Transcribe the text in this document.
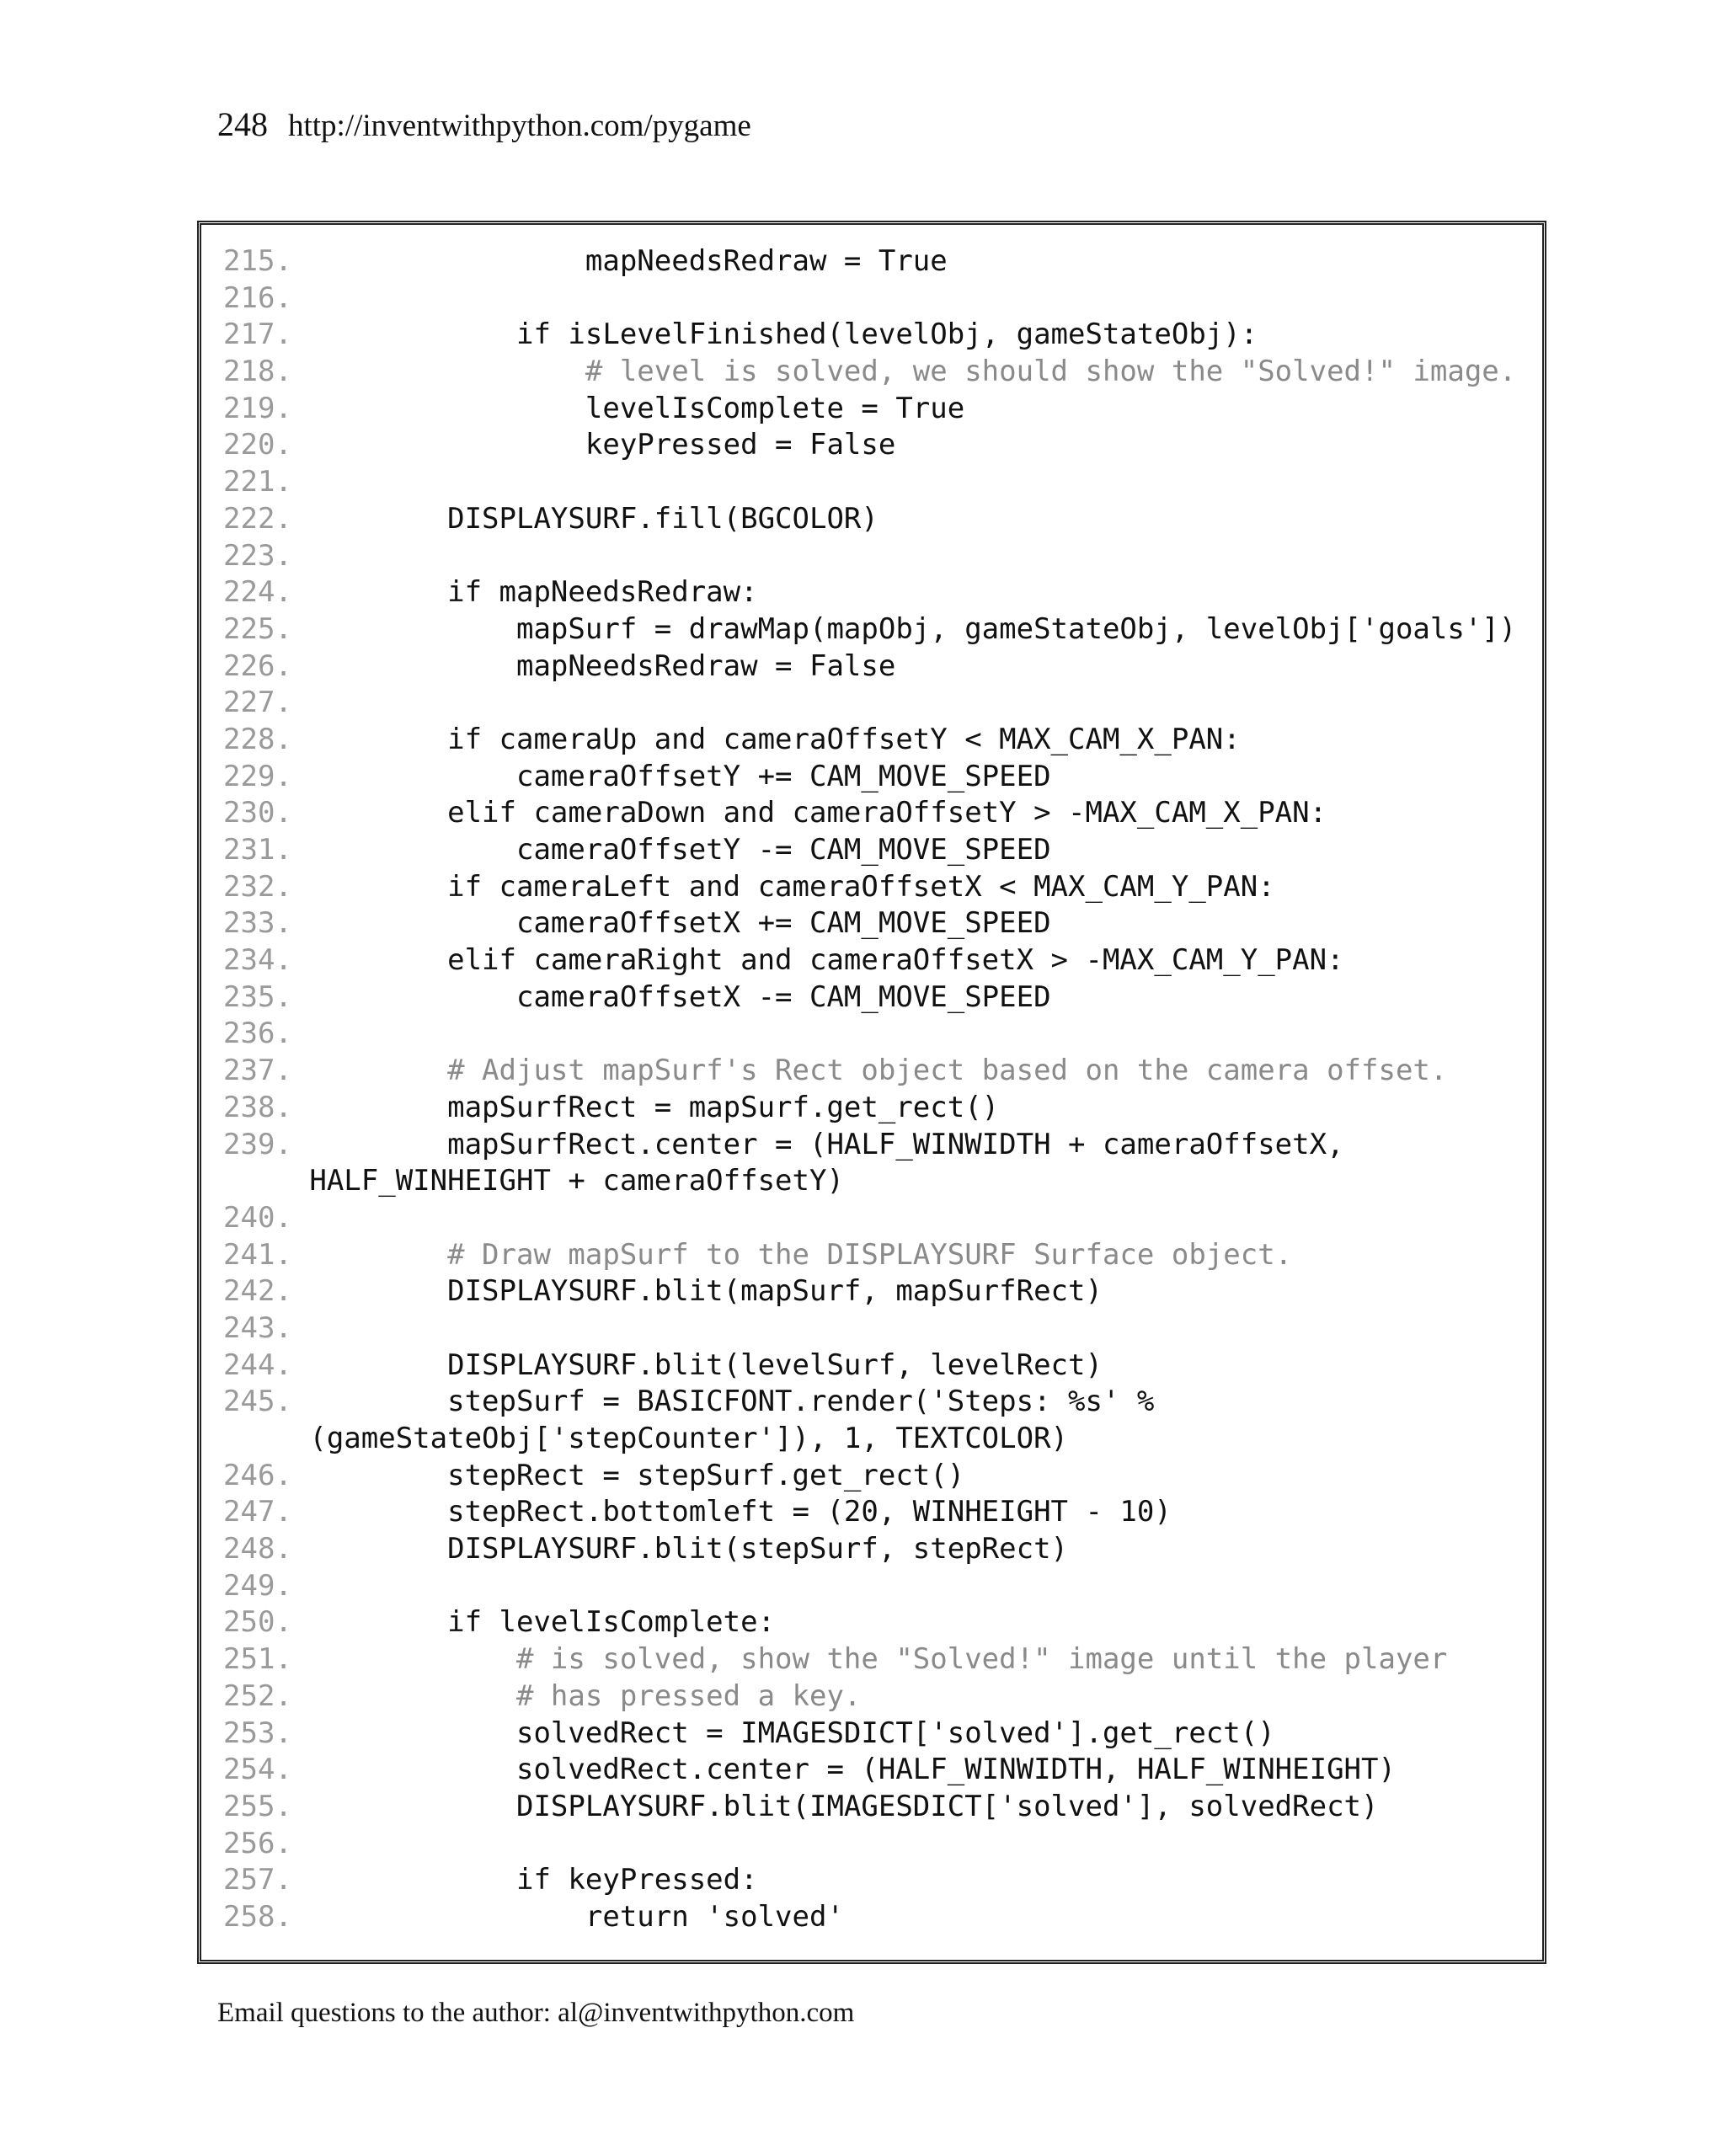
248 http://inventwithpython.com/pygame
215.                 mapNeedsRedraw = True
216.
217.             if isLevelFinished(levelObj, gameStateObj):
218.                 # level is solved, we should show the "Solved!" image.
219.                 levelIsComplete = True
220.                 keyPressed = False
221.
222.         DISPLAYSURF.fill(BGCOLOR)
223.
224.         if mapNeedsRedraw:
225.             mapSurf = drawMap(mapObj, gameStateObj, levelObj['goals'])
226.             mapNeedsRedraw = False
227.
228.         if cameraUp and cameraOffsetY < MAX_CAM_X_PAN:
229.             cameraOffsetY += CAM_MOVE_SPEED
230.         elif cameraDown and cameraOffsetY > -MAX_CAM_X_PAN:
231.             cameraOffsetY -= CAM_MOVE_SPEED
232.         if cameraLeft and cameraOffsetX < MAX_CAM_Y_PAN:
233.             cameraOffsetX += CAM_MOVE_SPEED
234.         elif cameraRight and cameraOffsetX > -MAX_CAM_Y_PAN:
235.             cameraOffsetX -= CAM_MOVE_SPEED
236.
237.         # Adjust mapSurf's Rect object based on the camera offset.
238.         mapSurfRect = mapSurf.get_rect()
239.         mapSurfRect.center = (HALF_WINWIDTH + cameraOffsetX,
HALF_WINHEIGHT + cameraOffsetY)
240.
241.         # Draw mapSurf to the DISPLAYSURF Surface object.
242.         DISPLAYSURF.blit(mapSurf, mapSurfRect)
243.
244.         DISPLAYSURF.blit(levelSurf, levelRect)
245.         stepSurf = BASICFONT.render('Steps: %s' %
(gameStateObj['stepCounter']), 1, TEXTCOLOR)
246.         stepRect = stepSurf.get_rect()
247.         stepRect.bottomleft = (20, WINHEIGHT - 10)
248.         DISPLAYSURF.blit(stepSurf, stepRect)
249.
250.         if levelIsComplete:
251.             # is solved, show the "Solved!" image until the player
252.             # has pressed a key.
253.             solvedRect = IMAGESDICT['solved'].get_rect()
254.             solvedRect.center = (HALF_WINWIDTH, HALF_WINHEIGHT)
255.             DISPLAYSURF.blit(IMAGESDICT['solved'], solvedRect)
256.
257.             if keyPressed:
258.                 return 'solved'
Email questions to the author: al@inventwithpython.com
